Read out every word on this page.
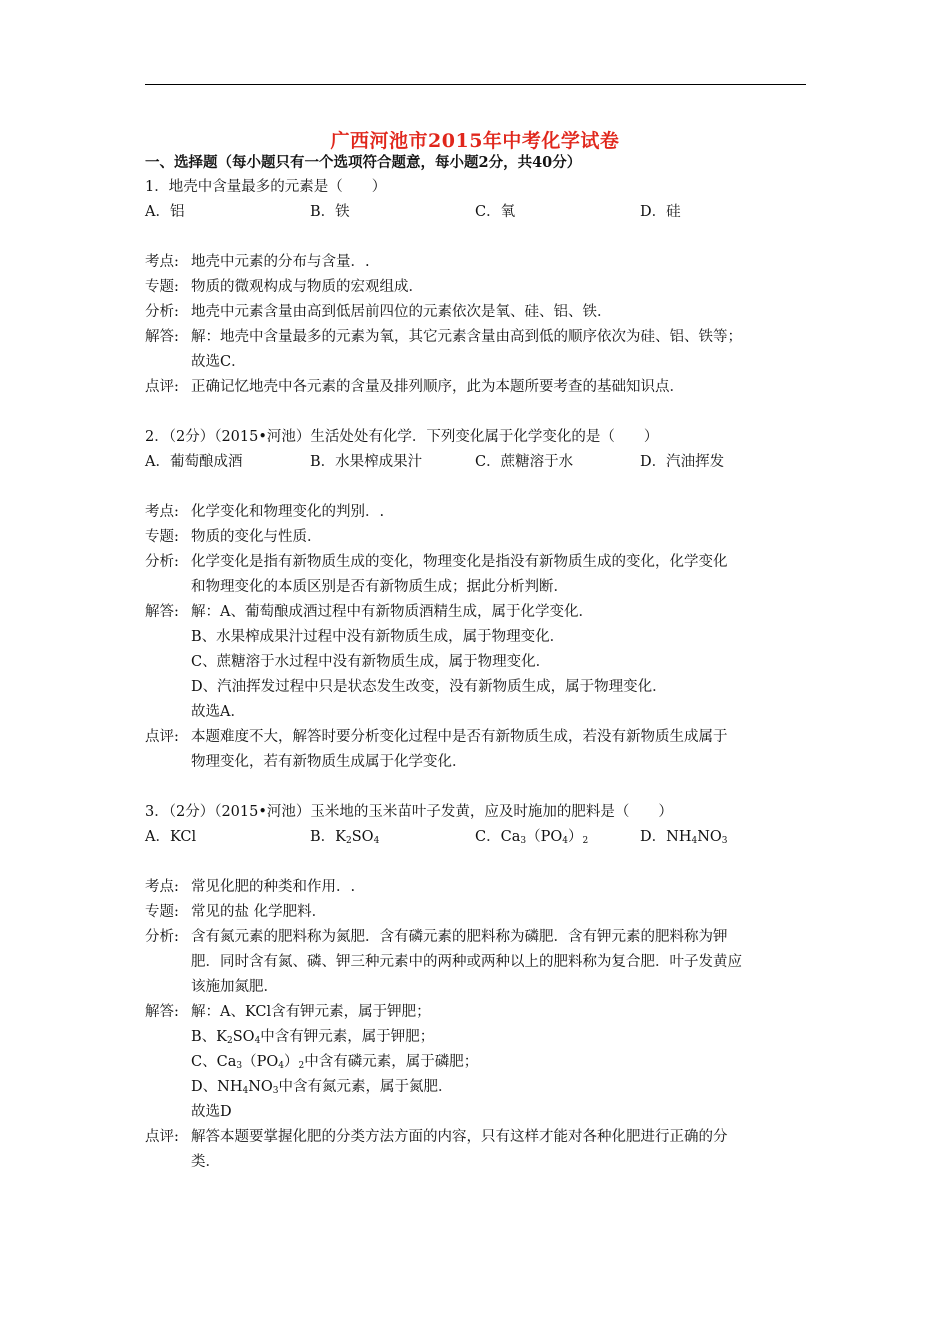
广西河池市2015年中考化学试卷
一、选择题（每小题只有一个选项符合题意，每小题2分，共40分）
1．地壳中含量最多的元素是（　　）
A．铝	B．铁	C．氧	D．硅
考点: 地壳中元素的分布与含量．.
专题: 物质的微观构成与物质的宏观组成．
分析: 地壳中元素含量由高到低居前四位的元素依次是氧、硅、铝、铁．
解答: 解：地壳中含量最多的元素为氧，其它元素含量由高到低的顺序依次为硅、铝、铁等；
故选C．
点评: 正确记忆地壳中各元素的含量及排列顺序，此为本题所要考查的基础知识点．
2．（2分）（2015•河池）生活处处有化学．下列变化属于化学变化的是（　　）
A．葡萄酿成酒	B．水果榨成果汁	C．蔗糖溶于水	D．汽油挥发
考点: 化学变化和物理变化的判别．.
专题: 物质的变化与性质．
分析: 化学变化是指有新物质生成的变化，物理变化是指没有新物质生成的变化，化学变化
和物理变化的本质区别是否有新物质生成；据此分析判断．
解答: 解：A、葡萄酿成酒过程中有新物质酒精生成，属于化学变化．
B、水果榨成果汁过程中没有新物质生成，属于物理变化．
C、蔗糖溶于水过程中没有新物质生成，属于物理变化．
D、汽油挥发过程中只是状态发生改变，没有新物质生成，属于物理变化．
故选A．
点评: 本题难度不大，解答时要分析变化过程中是否有新物质生成，若没有新物质生成属于
物理变化，若有新物质生成属于化学变化．
3．（2分）（2015•河池）玉米地的玉米苗叶子发黄，应及时施加的肥料是（　　）
A．KCl	B．$K_2SO_4$	C．$Ca_3(PO_4)_2$	D．$NH_4NO_3$
考点: 常见化肥的种类和作用．.
专题: 常见的盐 化学肥料．
分析: 含有氮元素的肥料称为氮肥．含有磷元素的肥料称为磷肥．含有钾元素的肥料称为钾
肥．同时含有氮、磷、钾三种元素中的两种或两种以上的肥料称为复合肥．叶子发黄应
该施加氮肥．
解答: 解：A、KCl含有钾元素，属于钾肥；
B、$K_2SO_4$中含有钾元素，属于钾肥；
C、$Ca_3(PO_4)_2$中含有磷元素，属于磷肥；
D、$NH_4NO_3$中含有氮元素，属于氮肥．
故选D
点评: 解答本题要掌握化肥的分类方法方面的内容，只有这样才能对各种化肥进行正确的分
类．
